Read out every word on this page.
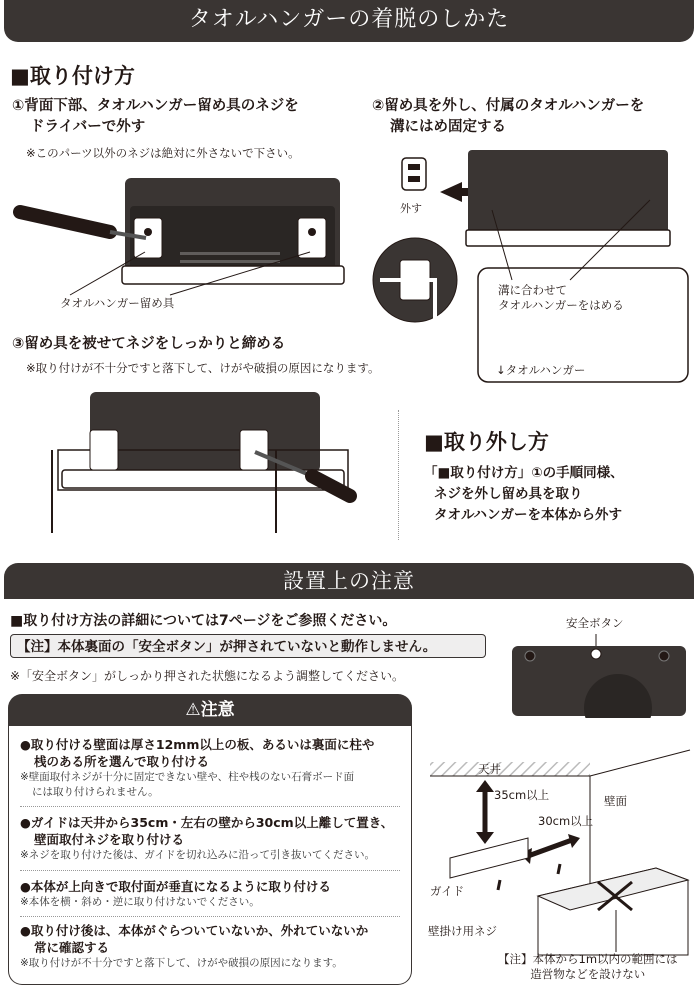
タオルハンガーの着脱のしかた
■取り付け方
①背面下部、タオルハンガー留め具のネジを
ドライバーで外す
※このパーツ以外のネジは絶対に外さないで下さい。
タオルハンガー留め具
②留め具を外し、付属のタオルハンガーを
溝にはめ固定する
外す
溝に合わせて
タオルハンガーをはめる
↓タオルハンガー
③留め具を被せてネジをしっかりと締める
※取り付けが不十分ですと落下して、けがや破損の原因になります。
■取り外し方
「■取り付け方」①の手順同様、
ネジを外し留め具を取り
タオルハンガーを本体から外す
設置上の注意
■取り付け方法の詳細については7ページをご参照ください。
【注】本体裏面の「安全ボタン」が押されていないと動作しません。
※「安全ボタン」がしっかり押された状態になるよう調整してください。
安全ボタン
⚠注意
●取り付ける壁面は厚さ12mm以上の板、あるいは裏面に柱や
桟のある所を選んで取り付ける
※壁面取付ネジが十分に固定できない壁や、柱や桟のない石膏ボード面
には取り付けられません。
●ガイドは天井から35cm・左右の壁から30cm以上離して置き、
壁面取付ネジを取り付ける
※ネジを取り付けた後は、ガイドを切れ込みに沿って引き抜いてください。
●本体が上向きで取付面が垂直になるように取り付ける
※本体を横・斜め・逆に取り付けないでください。
●取り付け後は、本体がぐらついていないか、外れていないか
常に確認する
※取り付けが不十分ですと落下して、けがや破損の原因になります。
天井
壁面
35cm以上
30cm以上
ガイド
壁掛け用ネジ
【注】本体から1m以内の範囲には
造営物などを設けない
